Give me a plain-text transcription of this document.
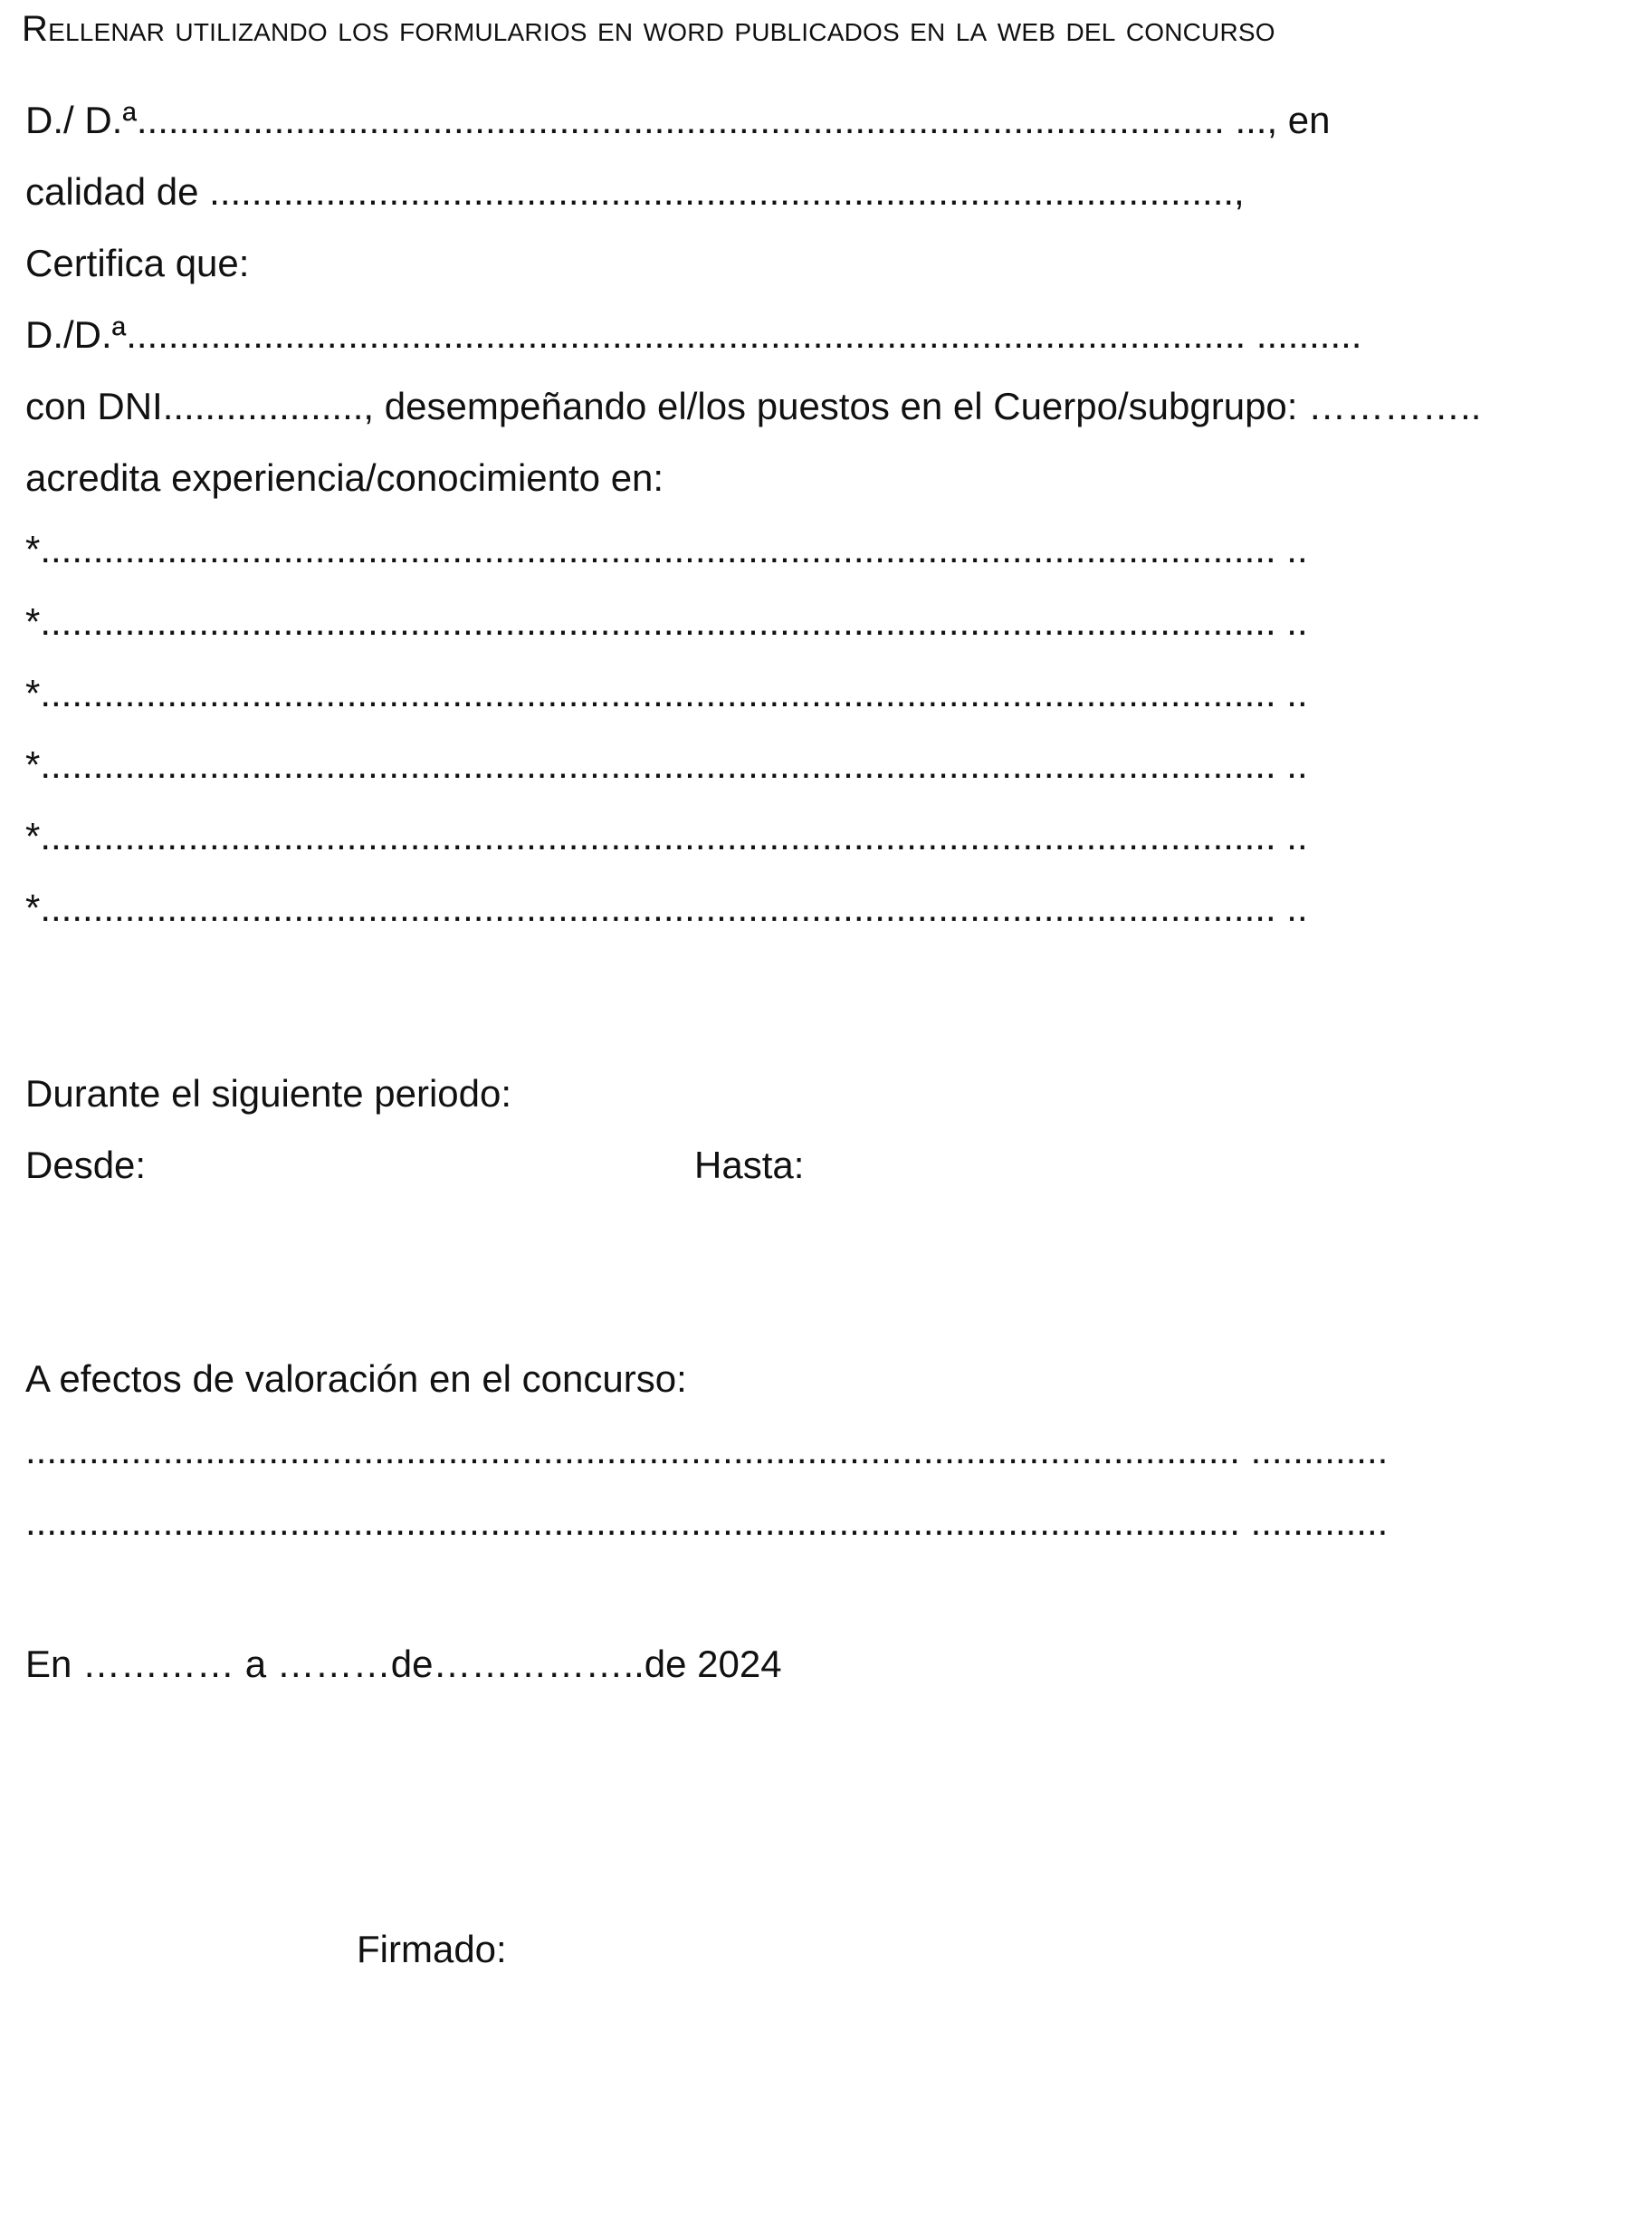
Rellenar utilizando los formularios en word publicados en la web del concurso
D./ D.ª....................................................................................................... ..., en
calidad de .................................................................................................,
Certifica que:
D./D.ª.......................................................................................................... ..........
con DNI..................., desempeñando el/los puestos en el Cuerpo/subgrupo: …………..
acredita experiencia/conocimiento en:
*..................................................................................................................... ..
*..................................................................................................................... ..
*..................................................................................................................... ..
*..................................................................................................................... ..
*..................................................................................................................... ..
*..................................................................................................................... ..
Durante el siguiente periodo:
Desde:	Hasta:
A efectos de valoración en el concurso:
................................................................................................................... .............
................................................................................................................... .............
En ………… a ………de……………..de 2024
Firmado:
